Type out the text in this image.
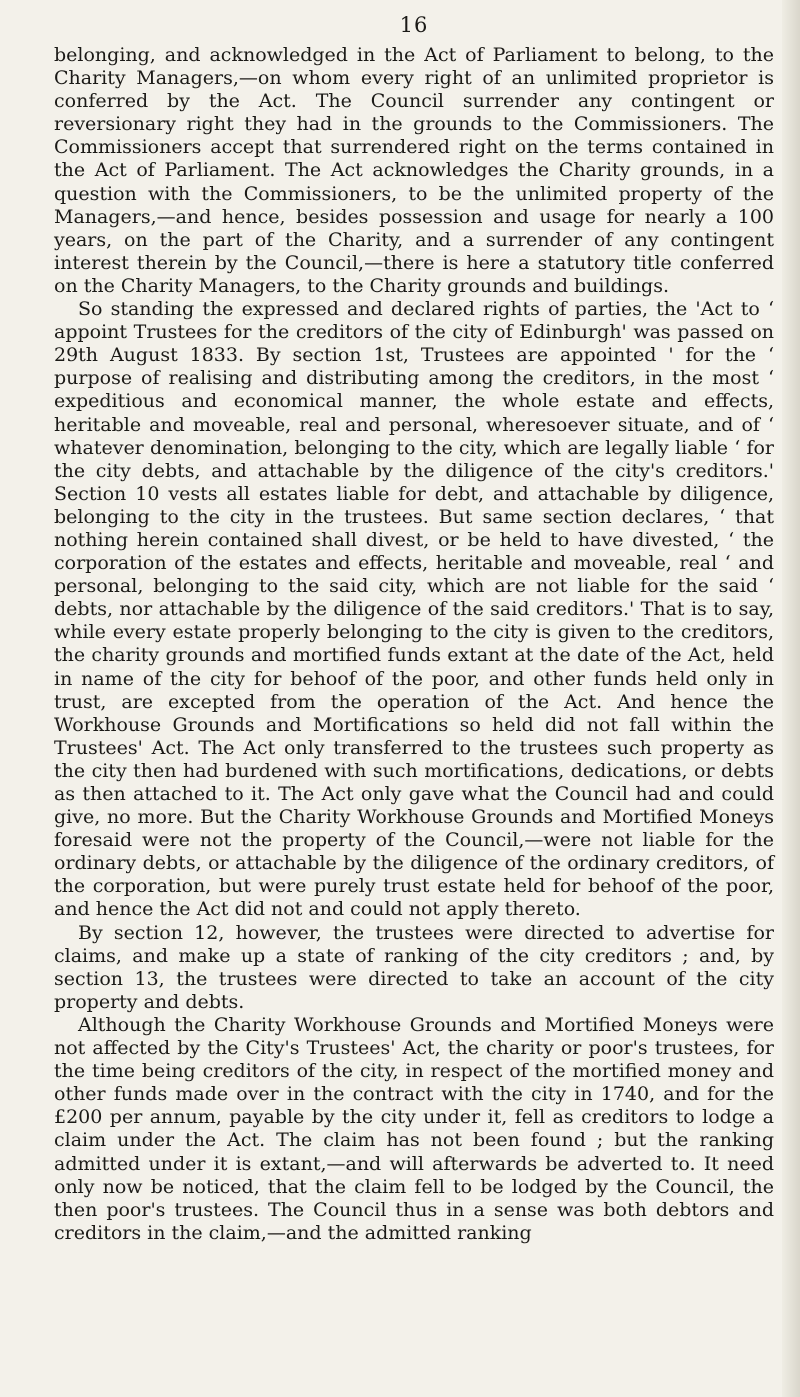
16

belonging, and acknowledged in the Act of Parliament to belong, to the Charity Managers,—on whom every right of an unlimited proprietor is conferred by the Act. The Council surrender any contingent or reversionary right they had in the grounds to the Commissioners. The Commissioners accept that surrendered right on the terms contained in the Act of Parliament. The Act acknowledges the Charity grounds, in a question with the Commissioners, to be the unlimited property of the Managers,—and hence, besides possession and usage for nearly a 100 years, on the part of the Charity, and a surrender of any contingent interest therein by the Council,—there is here a statutory title conferred on the Charity Managers, to the Charity grounds and buildings.

So standing the expressed and declared rights of parties, the 'Act to ‘ appoint Trustees for the creditors of the city of Edinburgh' was passed on 29th August 1833. By section 1st, Trustees are appointed ' for the ‘ purpose of realising and distributing among the creditors, in the most ‘ expeditious and economical manner, the whole estate and effects, heritable and moveable, real and personal, wheresoever situate, and of ‘ whatever denomination, belonging to the city, which are legally liable ‘ for the city debts, and attachable by the diligence of the city's creditors.' Section 10 vests all estates liable for debt, and attachable by diligence, belonging to the city in the trustees. But same section declares, ‘ that nothing herein contained shall divest, or be held to have divested, ‘ the corporation of the estates and effects, heritable and moveable, real ‘ and personal, belonging to the said city, which are not liable for the said ‘ debts, nor attachable by the diligence of the said creditors.' That is to say, while every estate properly belonging to the city is given to the creditors, the charity grounds and mortified funds extant at the date of the Act, held in name of the city for behoof of the poor, and other funds held only in trust, are excepted from the operation of the Act. And hence the Workhouse Grounds and Mortifications so held did not fall within the Trustees' Act. The Act only transferred to the trustees such property as the city then had burdened with such mortifications, dedications, or debts as then attached to it. The Act only gave what the Council had and could give, no more. But the Charity Workhouse Grounds and Mortified Moneys foresaid were not the property of the Council,—were not liable for the ordinary debts, or attachable by the diligence of the ordinary creditors, of the corporation, but were purely trust estate held for behoof of the poor, and hence the Act did not and could not apply thereto.

By section 12, however, the trustees were directed to advertise for claims, and make up a state of ranking of the city creditors ; and, by section 13, the trustees were directed to take an account of the city property and debts.

Although the Charity Workhouse Grounds and Mortified Moneys were not affected by the City's Trustees' Act, the charity or poor's trustees, for the time being creditors of the city, in respect of the mortified money and other funds made over in the contract with the city in 1740, and for the £200 per annum, payable by the city under it, fell as creditors to lodge a claim under the Act. The claim has not been found ; but the ranking admitted under it is extant,—and will afterwards be adverted to. It need only now be noticed, that the claim fell to be lodged by the Council, the then poor's trustees. The Council thus in a sense was both debtors and creditors in the claim,—and the admitted ranking
